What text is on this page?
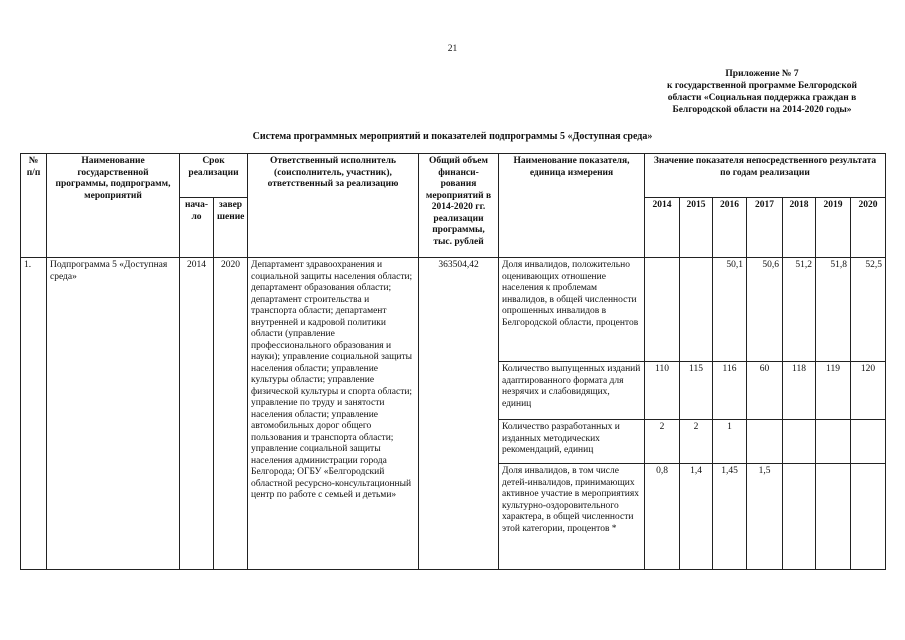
21
Приложение № 7
к государственной программе Белгородской
области «Социальная поддержка граждан в
Белгородской области на 2014-2020 годы»
Система программных мероприятий и показателей подпрограммы 5 «Доступная среда»
№ п/п	Наименование государственной программы, подпрограмм, мероприятий	Срок реализации		Ответственный исполнитель (соисполнитель, участник), ответственный за реализацию	Общий объем финанси-рования мероприятий в 2014-2020 гг. реализации программы, тыс. рублей	Наименование показателя, единица измерения	Значение показателя непосредственного результата по годам реализации						
		нача-ло	завер шение				2014	2015	2016	2017	2018	2019	2020
1.	Подпрограмма 5 «Доступная среда»	2014	2020	Департамент здравоохранения и социальной защиты населения области; департамент образования области; департамент строительства и транспорта области; департамент внутренней и кадровой политики области (управление профессионального образования и науки); управление социальной защиты населения области; управление культуры области; управление физической культуры и спорта области; управление по труду и занятости населения области; управление автомобильных дорог общего пользования и транспорта области; управление социальной защиты населения администрации города Белгорода; ОГБУ «Белгородский областной ресурсно-консультационный центр по работе с семьей и детьми»	363504,42	Доля инвалидов, положительно оценивающих отношение населения к проблемам инвалидов, в общей численности опрошенных инвалидов в Белгородской области, процентов			50,1	50,6	51,2	51,8	52,5
						Количество выпущенных изданий адаптированного формата для незрячих и слабовидящих, единиц	110	115	116	60	118	119	120
						Количество разработанных и изданных методических рекомендаций, единиц	2	2	1				
						Доля инвалидов, в том числе детей-инвалидов, принимающих активное участие в мероприятиях культурно-оздоровительного характера, в общей численности этой категории, процентов *	0,8	1,4	1,45	1,5			
